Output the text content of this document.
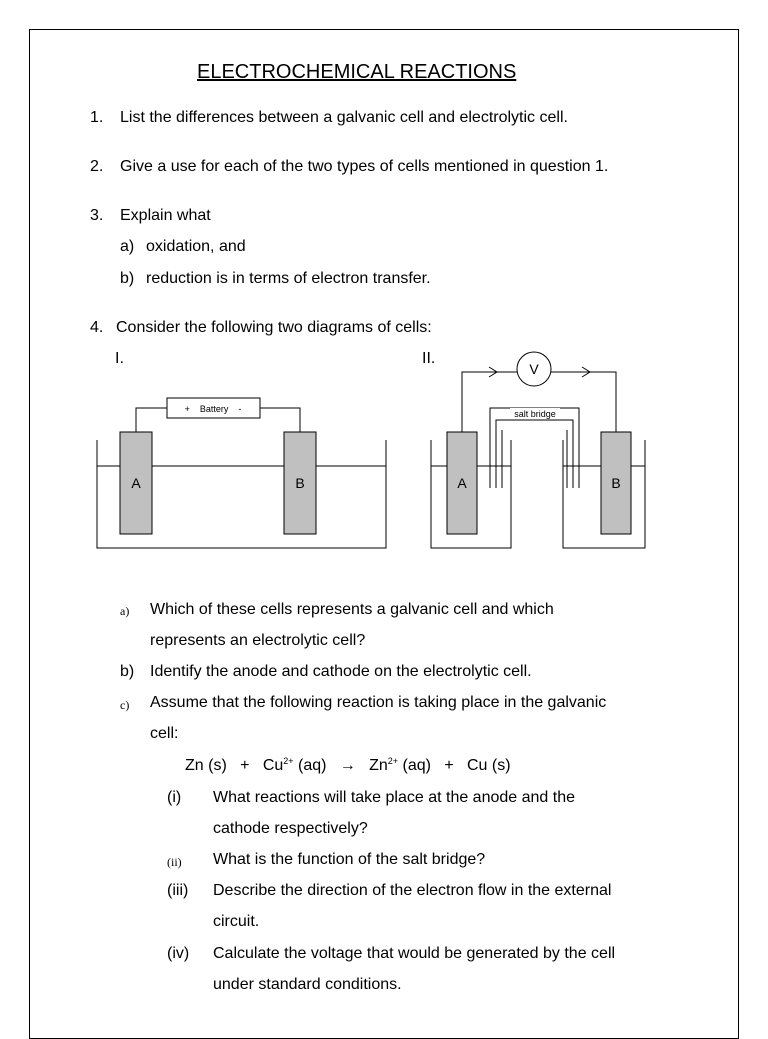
ELECTROCHEMICAL REACTIONS
1. List the differences between a galvanic cell and electrolytic cell.
2. Give a use for each of the two types of cells mentioned in question 1.
3. Explain what
a) oxidation, and
b) reduction is in terms of electron transfer.
4. Consider the following two diagrams of cells:
I.	II.
+    Battery    -
A	B
V
salt bridge
A	B
a) Which of these cells represents a galvanic cell and which
represents an electrolytic cell?
b) Identify the anode and cathode on the electrolytic cell.
c) Assume that the following reaction is taking place in the galvanic
cell:
Zn $(s) + Cu^{2+}$ $(aq) \to Zn^{2+}$ (aq) + Cu (s)
(i) What reactions will take place at the anode and the
cathode respectively?
(ii) What is the function of the salt bridge?
(iii) Describe the direction of the electron flow in the external
circuit.
(iv) Calculate the voltage that would be generated by the cell
under standard conditions.
